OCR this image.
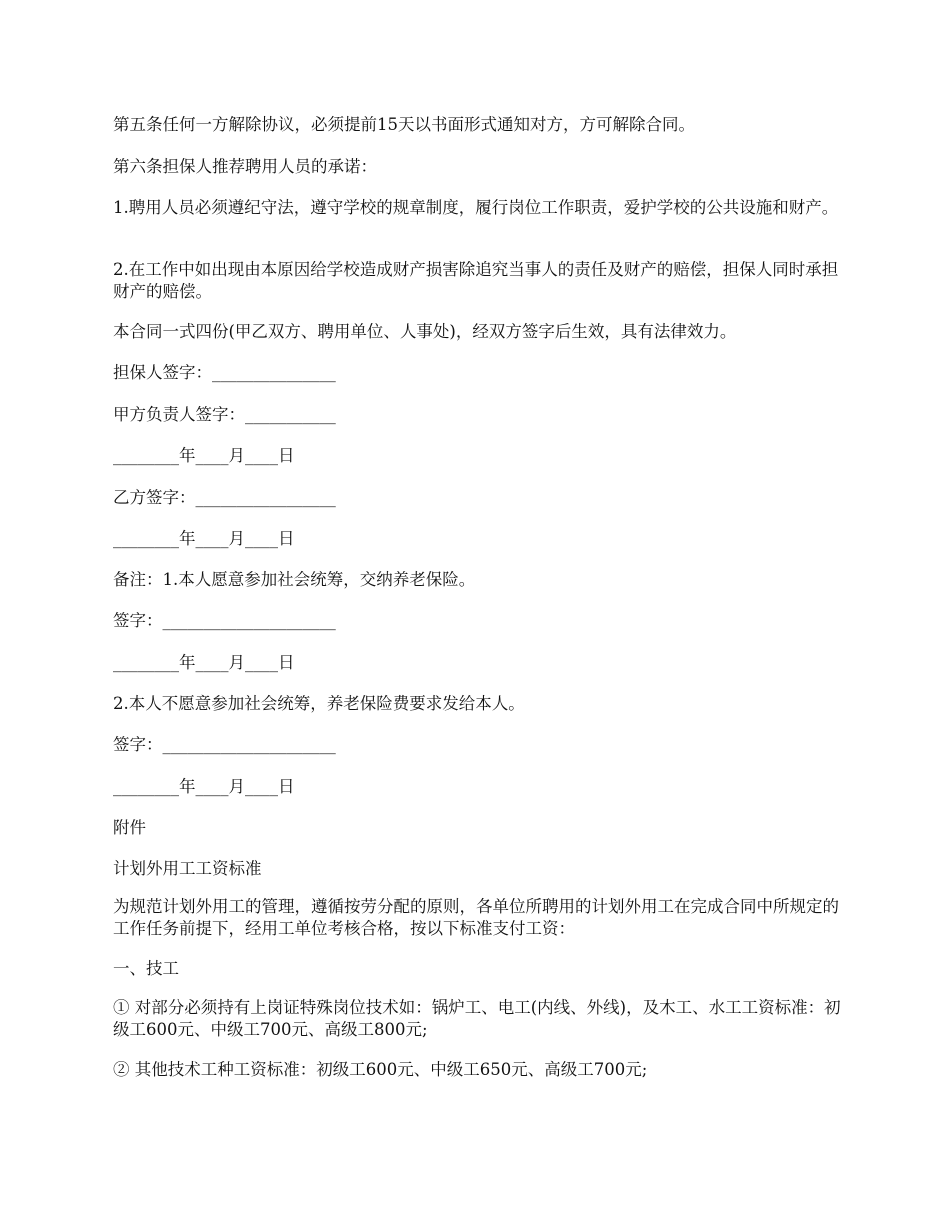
第五条任何一方解除协议，必须提前15天以书面形式通知对方，方可解除合同。

第六条担保人推荐聘用人员的承诺：

1.聘用人员必须遵纪守法，遵守学校的规章制度，履行岗位工作职责，爱护学校的公共设施和财产。

2.在工作中如出现由本原因给学校造成财产损害除追究当事人的责任及财产的赔偿，担保人同时承担财产的赔偿。

本合同一式四份(甲乙双方、聘用单位、人事处)，经双方签字后生效，具有法律效力。

担保人签字：_______________

甲方负责人签字：___________

________年____月____日

乙方签字：_________________

________年____月____日

备注：1.本人愿意参加社会统筹，交纳养老保险。

签字：_____________________

________年____月____日

2.本人不愿意参加社会统筹，养老保险费要求发给本人。

签字：_____________________

________年____月____日

附件

计划外用工工资标准

为规范计划外用工的管理，遵循按劳分配的原则，各单位所聘用的计划外用工在完成合同中所规定的工作任务前提下，经用工单位考核合格，按以下标准支付工资：

一、技工

① 对部分必须持有上岗证特殊岗位技术如：锅炉工、电工(内线、外线)，及木工、水工工资标准：初级工600元、中级工700元、高级工800元;

② 其他技术工种工资标准：初级工600元、中级工650元、高级工700元;
